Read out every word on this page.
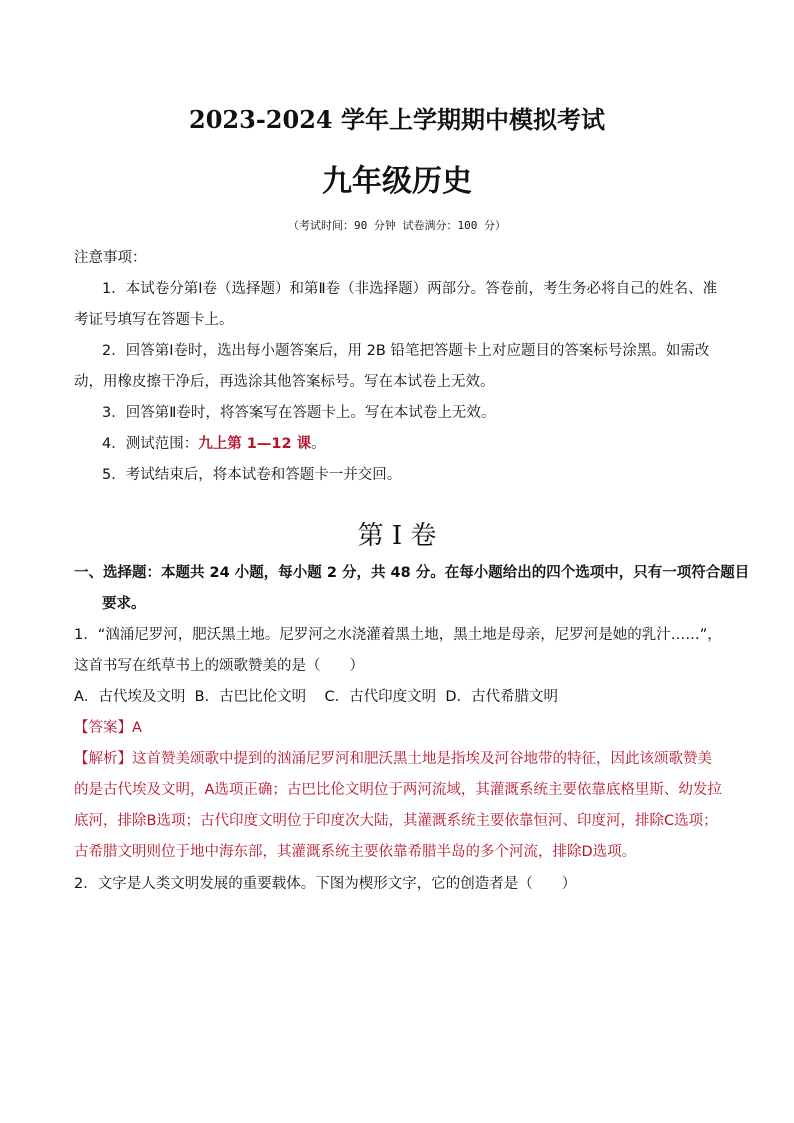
2023-2024 学年上学期期中模拟考试
九年级历史
（考试时间：90 分钟 试卷满分：100 分）
注意事项：

1．本试卷分第Ⅰ卷（选择题）和第Ⅱ卷（非选择题）两部分。答卷前，考生务必将自己的姓名、准考证号填写在答题卡上。

2．回答第Ⅰ卷时，选出每小题答案后，用 2B 铅笔把答题卡上对应题目的答案标号涂黑。如需改动，用橡皮擦干净后，再选涂其他答案标号。写在本试卷上无效。

3．回答第Ⅱ卷时，将答案写在答题卡上。写在本试卷上无效。

4．测试范围：九上第 1—12 课。

5．考试结束后，将本试卷和答题卡一并交回。

第 I 卷
一、选择题：本题共 24 小题，每小题 2 分，共 48 分。在每小题给出的四个选项中，只有一项符合题目要求。

1．“汹涌尼罗河，肥沃黑土地。尼罗河之水浇灌着黑土地，黑土地是母亲，尼罗河是她的乳汁……”，这首书写在纸草书上的颂歌赞美的是（　　）

A．古代埃及文明  B．古巴比伦文明    C．古代印度文明  D．古代希腊文明

【答案】A

【解析】这首赞美颂歌中提到的汹涌尼罗河和肥沃黑土地是指埃及河谷地带的特征，因此该颂歌赞美的是古代埃及文明，A选项正确；古巴比伦文明位于两河流域，其灌溉系统主要依靠底格里斯、幼发拉底河，排除B选项；古代印度文明位于印度次大陆，其灌溉系统主要依靠恒河、印度河，排除C选项；古希腊文明则位于地中海东部，其灌溉系统主要依靠希腊半岛的多个河流，排除D选项。

2．文字是人类文明发展的重要载体。下图为楔形文字，它的创造者是（　　）
